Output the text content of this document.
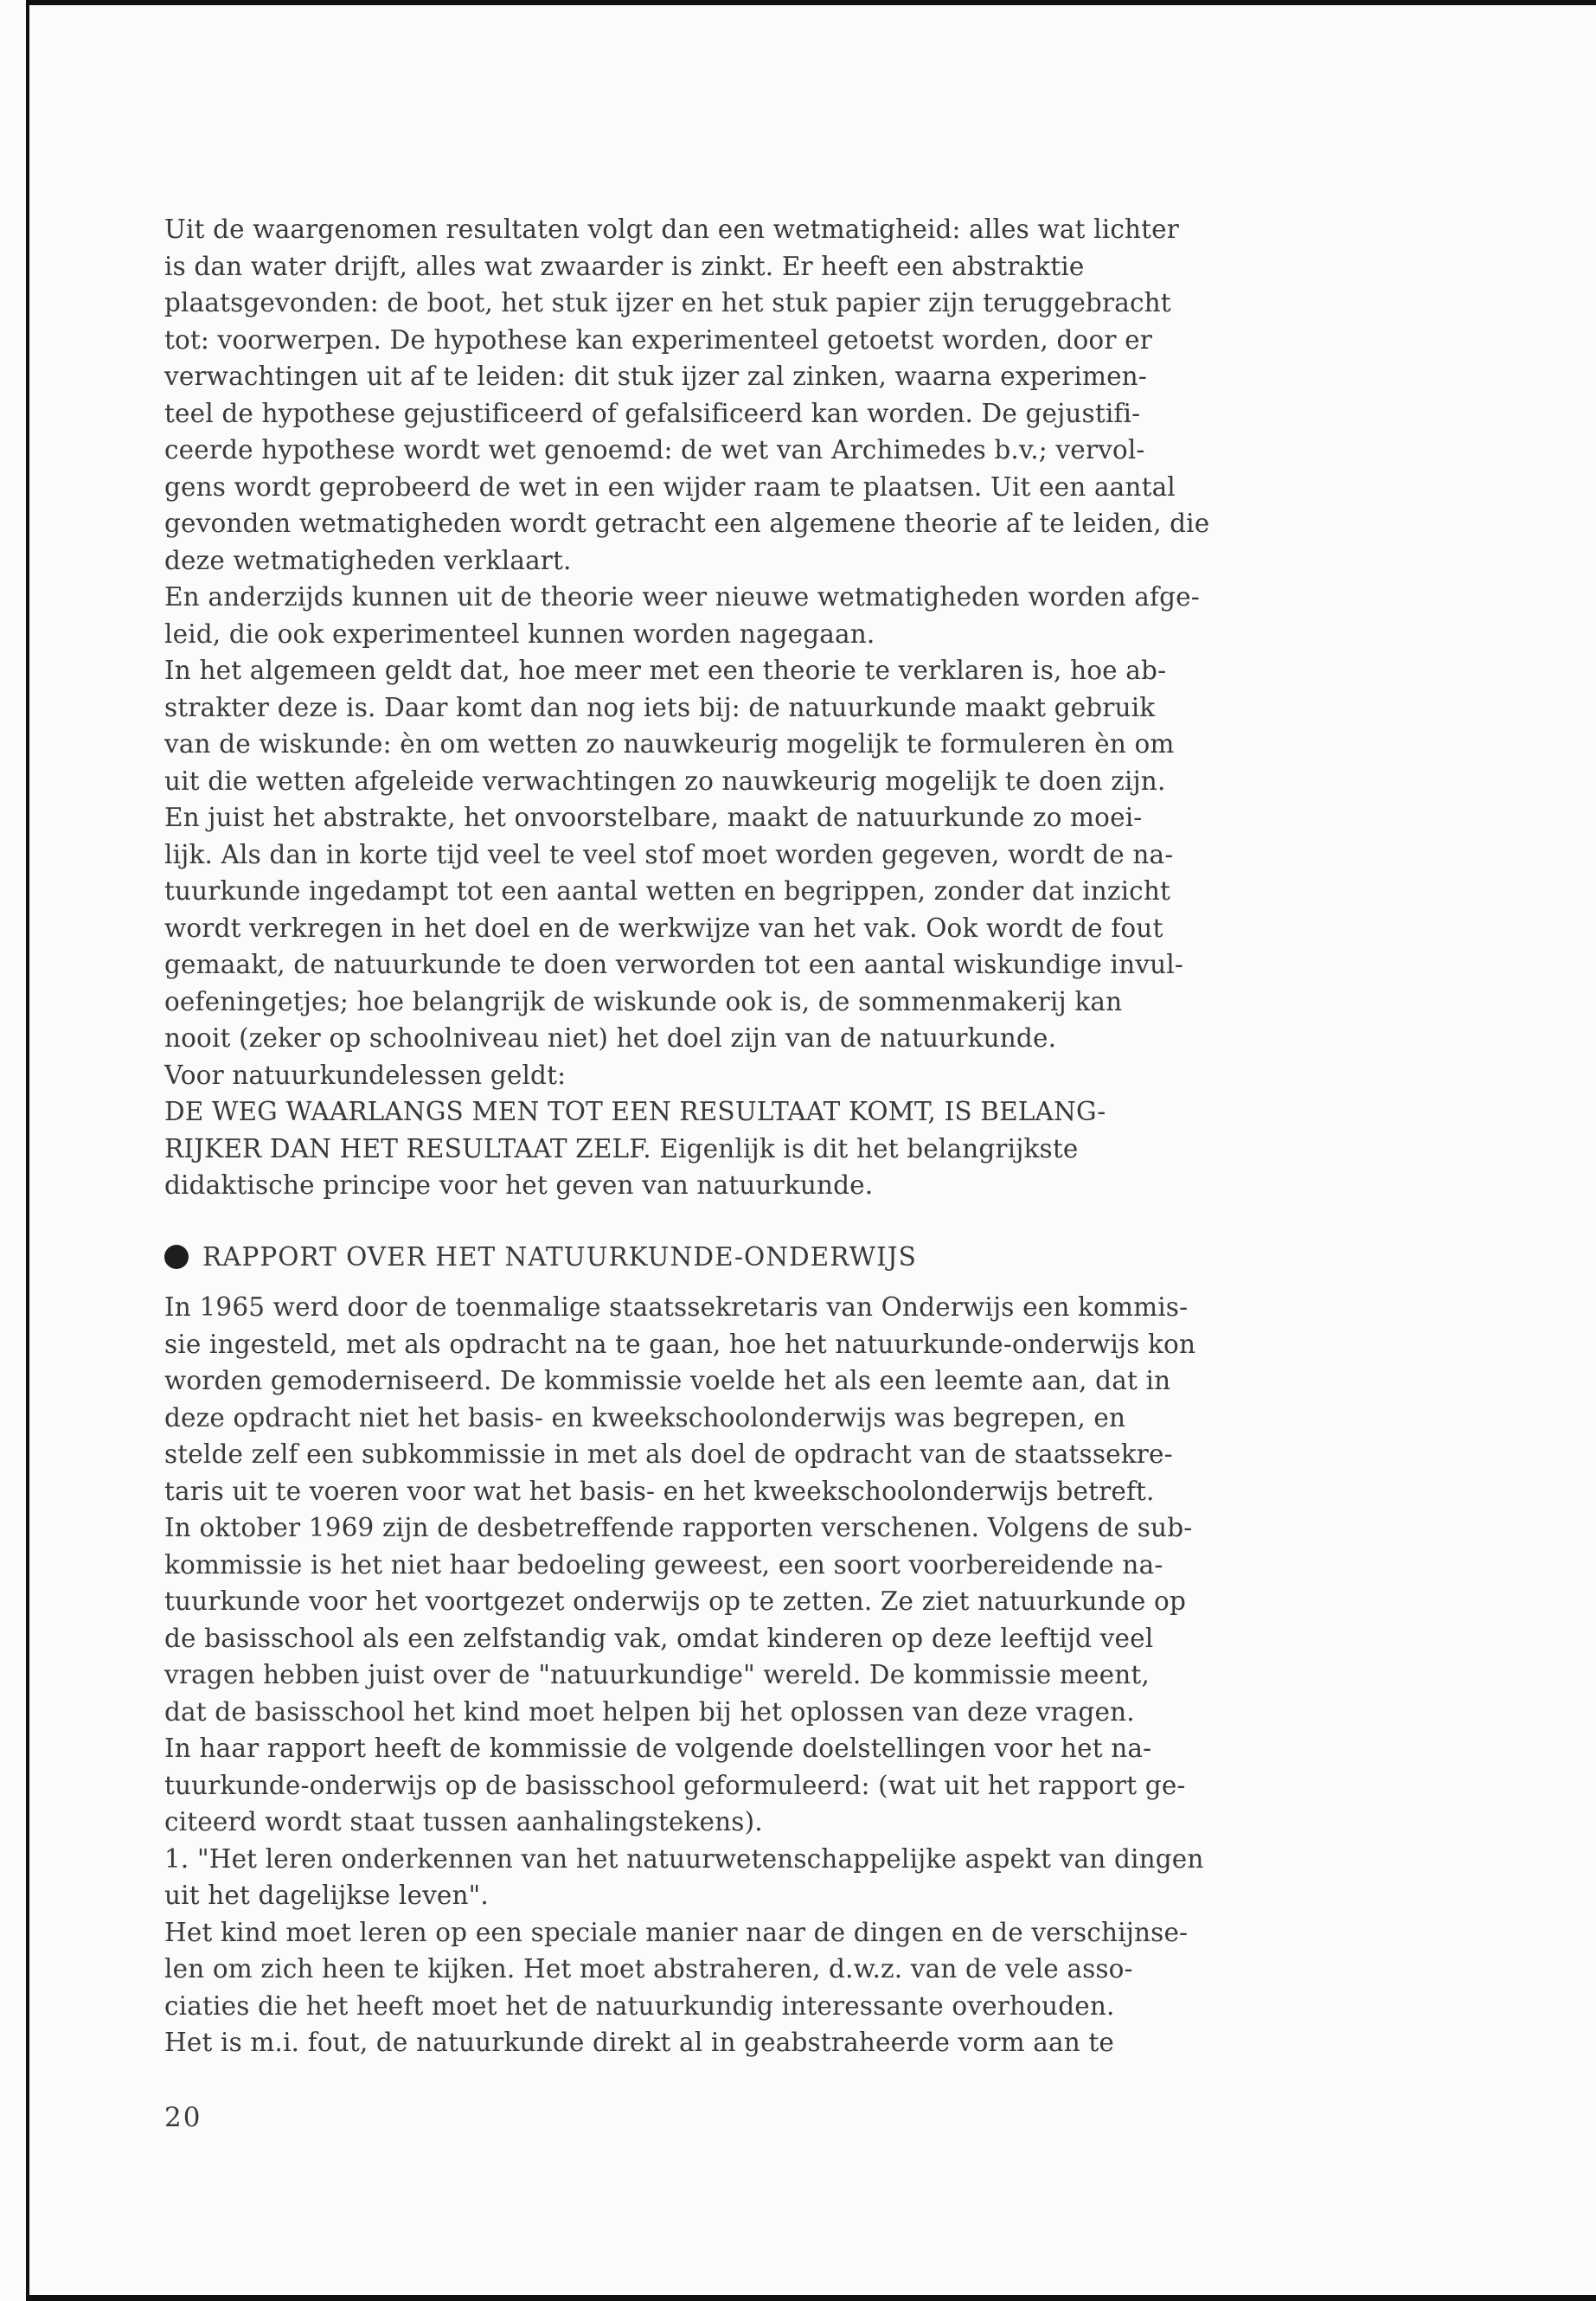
Uit de waargenomen resultaten volgt dan een wetmatigheid: alles wat lichter
is dan water drijft, alles wat zwaarder is zinkt. Er heeft een abstraktie
plaatsgevonden: de boot, het stuk ijzer en het stuk papier zijn teruggebracht
tot: voorwerpen. De hypothese kan experimenteel getoetst worden, door er
verwachtingen uit af te leiden: dit stuk ijzer zal zinken, waarna experimen-
teel de hypothese gejustificeerd of gefalsificeerd kan worden. De gejustifi-
ceerde hypothese wordt wet genoemd: de wet van Archimedes b.v.; vervol-
gens wordt geprobeerd de wet in een wijder raam te plaatsen. Uit een aantal
gevonden wetmatigheden wordt getracht een algemene theorie af te leiden, die
deze wetmatigheden verklaart.
En anderzijds kunnen uit de theorie weer nieuwe wetmatigheden worden afge-
leid, die ook experimenteel kunnen worden nagegaan.
In het algemeen geldt dat, hoe meer met een theorie te verklaren is, hoe ab-
strakter deze is. Daar komt dan nog iets bij: de natuurkunde maakt gebruik
van de wiskunde: èn om wetten zo nauwkeurig mogelijk te formuleren èn om
uit die wetten afgeleide verwachtingen zo nauwkeurig mogelijk te doen zijn.
En juist het abstrakte, het onvoorstelbare, maakt de natuurkunde zo moei-
lijk. Als dan in korte tijd veel te veel stof moet worden gegeven, wordt de na-
tuurkunde ingedampt tot een aantal wetten en begrippen, zonder dat inzicht
wordt verkregen in het doel en de werkwijze van het vak. Ook wordt de fout
gemaakt, de natuurkunde te doen verworden tot een aantal wiskundige invul-
oefeningetjes; hoe belangrijk de wiskunde ook is, de sommenmakerij kan
nooit (zeker op schoolniveau niet) het doel zijn van de natuurkunde.
Voor natuurkundelessen geldt:
DE WEG WAARLANGS MEN TOT EEN RESULTAAT KOMT, IS BELANG-
RIJKER DAN HET RESULTAAT ZELF. Eigenlijk is dit het belangrijkste
didaktische principe voor het geven van natuurkunde.
RAPPORT OVER HET NATUURKUNDE-ONDERWIJS
In 1965 werd door de toenmalige staatssekretaris van Onderwijs een kommis-
sie ingesteld, met als opdracht na te gaan, hoe het natuurkunde-onderwijs kon
worden gemoderniseerd. De kommissie voelde het als een leemte aan, dat in
deze opdracht niet het basis- en kweekschoolonderwijs was begrepen, en
stelde zelf een subkommissie in met als doel de opdracht van de staatssekre-
taris uit te voeren voor wat het basis- en het kweekschoolonderwijs betreft.
In oktober 1969 zijn de desbetreffende rapporten verschenen. Volgens de sub-
kommissie is het niet haar bedoeling geweest, een soort voorbereidende na-
tuurkunde voor het voortgezet onderwijs op te zetten. Ze ziet natuurkunde op
de basisschool als een zelfstandig vak, omdat kinderen op deze leeftijd veel
vragen hebben juist over de "natuurkundige" wereld. De kommissie meent,
dat de basisschool het kind moet helpen bij het oplossen van deze vragen.
In haar rapport heeft de kommissie de volgende doelstellingen voor het na-
tuurkunde-onderwijs op de basisschool geformuleerd: (wat uit het rapport ge-
citeerd wordt staat tussen aanhalingstekens).
1. "Het leren onderkennen van het natuurwetenschappelijke aspekt van dingen
uit het dagelijkse leven".
Het kind moet leren op een speciale manier naar de dingen en de verschijnse-
len om zich heen te kijken. Het moet abstraheren, d.w.z. van de vele asso-
ciaties die het heeft moet het de natuurkundig interessante overhouden.
Het is m.i. fout, de natuurkunde direkt al in geabstraheerde vorm aan te
20
